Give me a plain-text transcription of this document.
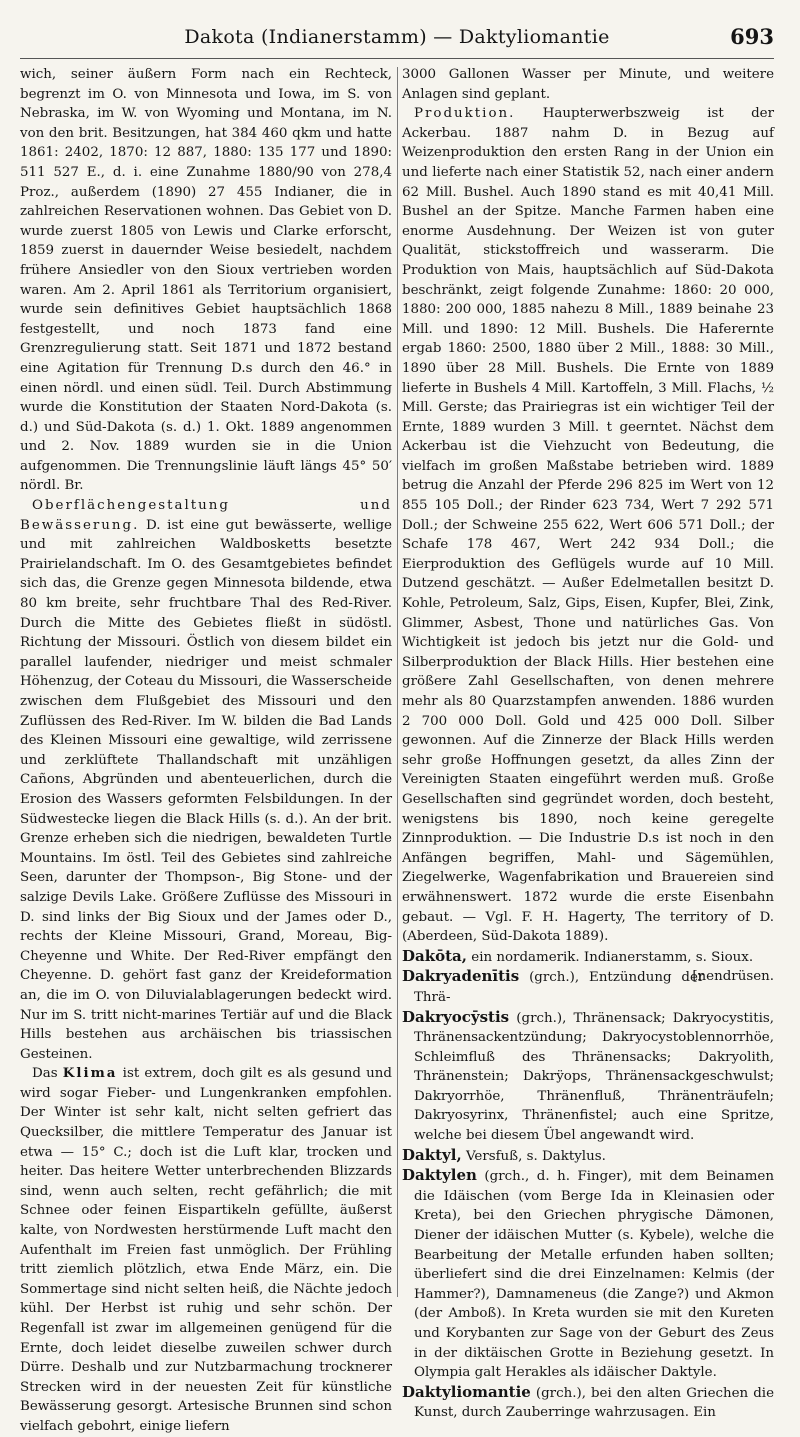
Dakota (Indianerstamm) — Daktyliomantie	693

wich, seiner äußern Form nach ein Rechteck, begrenzt im O. von Minnesota und Iowa, im S. von Nebraska, im W. von Wyoming und Montana, im N. von den brit. Besitzungen, hat 384 460 qkm und hatte 1861: 2402, 1870: 12 887, 1880: 135 177 und 1890: 511 527 E., d. i. eine Zunahme 1880/90 von 278,4 Proz., außerdem (1890) 27 455 Indianer, die in zahlreichen Reservationen wohnen. Das Gebiet von D. wurde zuerst 1805 von Lewis und Clarke erforscht, 1859 zuerst in dauernder Weise besiedelt, nachdem frühere Ansiedler von den Sioux vertrieben worden waren. Am 2. April 1861 als Territorium organisiert, wurde sein definitives Gebiet hauptsächlich 1868 festgestellt, und noch 1873 fand eine Grenzregulierung statt. Seit 1871 und 1872 bestand eine Agitation für Trennung D.s durch den 46.° in einen nördl. und einen südl. Teil. Durch Abstimmung wurde die Konstitution der Staaten Nord-Dakota (s. d.) und Süd-Dakota (s. d.) 1. Okt. 1889 angenommen und 2. Nov. 1889 wurden sie in die Union aufgenommen. Die Trennungslinie läuft längs 45° 50′ nördl. Br.

Oberflächengestaltung und Bewässerung. D. ist eine gut bewässerte, wellige und mit zahlreichen Waldbosketts besetzte Prairielandschaft. Im O. des Gesamtgebietes befindet sich das, die Grenze gegen Minnesota bildende, etwa 80 km breite, sehr fruchtbare Thal des Red-River. Durch die Mitte des Gebietes fließt in südöstl. Richtung der Missouri. Östlich von diesem bildet ein parallel laufender, niedriger und meist schmaler Höhenzug, der Coteau du Missouri, die Wasserscheide zwischen dem Flußgebiet des Missouri und den Zuflüssen des Red-River. Im W. bilden die Bad Lands des Kleinen Missouri eine gewaltige, wild zerrissene und zerklüftete Thallandschaft mit unzähligen Cañons, Abgründen und abenteuerlichen, durch die Erosion des Wassers geformten Felsbildungen. In der Südwestecke liegen die Black Hills (s. d.). An der brit. Grenze erheben sich die niedrigen, bewaldeten Turtle Mountains. Im östl. Teil des Gebietes sind zahlreiche Seen, darunter der Thompson-, Big Stone- und der salzige Devils Lake. Größere Zuflüsse des Missouri in D. sind links der Big Sioux und der James oder D., rechts der Kleine Missouri, Grand, Moreau, Big-Cheyenne und White. Der Red-River empfängt den Cheyenne. D. gehört fast ganz der Kreideformation an, die im O. von Diluvialablagerungen bedeckt wird. Nur im S. tritt nicht-marines Tertiär auf und die Black Hills bestehen aus archäischen bis triassischen Gesteinen.

Das Klima ist extrem, doch gilt es als gesund und wird sogar Fieber- und Lungenkranken empfohlen. Der Winter ist sehr kalt, nicht selten gefriert das Quecksilber, die mittlere Temperatur des Januar ist etwa — 15° C.; doch ist die Luft klar, trocken und heiter. Das heitere Wetter unterbrechenden Blizzards sind, wenn auch selten, recht gefährlich; die mit Schnee oder feinen Eispartikeln gefüllte, äußerst kalte, von Nordwesten herstürmende Luft macht den Aufenthalt im Freien fast unmöglich. Der Frühling tritt ziemlich plötzlich, etwa Ende März, ein. Die Sommertage sind nicht selten heiß, die Nächte jedoch kühl. Der Herbst ist ruhig und sehr schön. Der Regenfall ist zwar im allgemeinen genügend für die Ernte, doch leidet dieselbe zuweilen schwer durch Dürre. Deshalb und zur Nutzbarmachung trocknerer Strecken wird in der neuesten Zeit für künstliche Bewässerung gesorgt. Artesische Brunnen sind schon vielfach gebohrt, einige liefern

3000 Gallonen Wasser per Minute, und weitere Anlagen sind geplant.

Produktion. Haupterwerbszweig ist der Ackerbau. 1887 nahm D. in Bezug auf Weizenproduktion den ersten Rang in der Union ein und lieferte nach einer Statistik 52, nach einer andern 62 Mill. Bushel. Auch 1890 stand es mit 40,41 Mill. Bushel an der Spitze. Manche Farmen haben eine enorme Ausdehnung. Der Weizen ist von guter Qualität, stickstoffreich und wasserarm. Die Produktion von Mais, hauptsächlich auf Süd-Dakota beschränkt, zeigt folgende Zunahme: 1860: 20 000, 1880: 200 000, 1885 nahezu 8 Mill., 1889 beinahe 23 Mill. und 1890: 12 Mill. Bushels. Die Haferernte ergab 1860: 2500, 1880 über 2 Mill., 1888: 30 Mill., 1890 über 28 Mill. Bushels. Die Ernte von 1889 lieferte in Bushels 4 Mill. Kartoffeln, 3 Mill. Flachs, ½ Mill. Gerste; das Prairiegras ist ein wichtiger Teil der Ernte, 1889 wurden 3 Mill. t geerntet. Nächst dem Ackerbau ist die Viehzucht von Bedeutung, die vielfach im großen Maßstabe betrieben wird. 1889 betrug die Anzahl der Pferde 296 825 im Wert von 12 855 105 Doll.; der Rinder 623 734, Wert 7 292 571 Doll.; der Schweine 255 622, Wert 606 571 Doll.; der Schafe 178 467, Wert 242 934 Doll.; die Eierproduktion des Geflügels wurde auf 10 Mill. Dutzend geschätzt. — Außer Edelmetallen besitzt D. Kohle, Petroleum, Salz, Gips, Eisen, Kupfer, Blei, Zink, Glimmer, Asbest, Thone und natürliches Gas. Von Wichtigkeit ist jedoch bis jetzt nur die Gold- und Silberproduktion der Black Hills. Hier bestehen eine größere Zahl Gesellschaften, von denen mehrere mehr als 80 Quarzstampfen anwenden. 1886 wurden 2 700 000 Doll. Gold und 425 000 Doll. Silber gewonnen. Auf die Zinnerze der Black Hills werden sehr große Hoffnungen gesetzt, da alles Zinn der Vereinigten Staaten eingeführt werden muß. Große Gesellschaften sind gegründet worden, doch besteht, wenigstens bis 1890, noch keine geregelte Zinnproduktion. — Die Industrie D.s ist noch in den Anfängen begriffen, Mahl- und Sägemühlen, Ziegelwerke, Wagenfabrikation und Brauereien sind erwähnenswert. 1872 wurde die erste Eisenbahn gebaut. — Vgl. F. H. Hagerty, The territory of D. (Aberdeen, Süd-Dakota 1889).

Dakōta, ein nordamerik. Indianerstamm, s. Sioux.
[nendrüsen.

Dakryadenītis (grch.), Entzündung der Thrä-

Dakryocȳstis (grch.), Thränensack; Dakryocystitis, Thränensackentzündung; Dakryocystoblennorrhöe, Schleimfluß des Thränensacks; Dakryolith, Thränenstein; Dakrÿops, Thränensackgeschwulst; Dakryorrhöe, Thränenfluß, Thränenträufeln; Dakryosyrinx, Thränenfistel; auch eine Spritze, welche bei diesem Übel angewandt wird.

Daktyl, Versfuß, s. Daktylus.

Daktylen (grch., d. h. Finger), mit dem Beinamen die Idäischen (vom Berge Ida in Kleinasien oder Kreta), bei den Griechen phrygische Dämonen, Diener der idäischen Mutter (s. Kybele), welche die Bearbeitung der Metalle erfunden haben sollten; überliefert sind die drei Einzelnamen: Kelmis (der Hammer?), Damnameneus (die Zange?) und Akmon (der Amboß). In Kreta wurden sie mit den Kureten und Korybanten zur Sage von der Geburt des Zeus in der diktäischen Grotte in Beziehung gesetzt. In Olympia galt Herakles als idäischer Daktyle.

Daktyliomantie (grch.), bei den alten Griechen die Kunst, durch Zauberringe wahrzusagen. Ein
